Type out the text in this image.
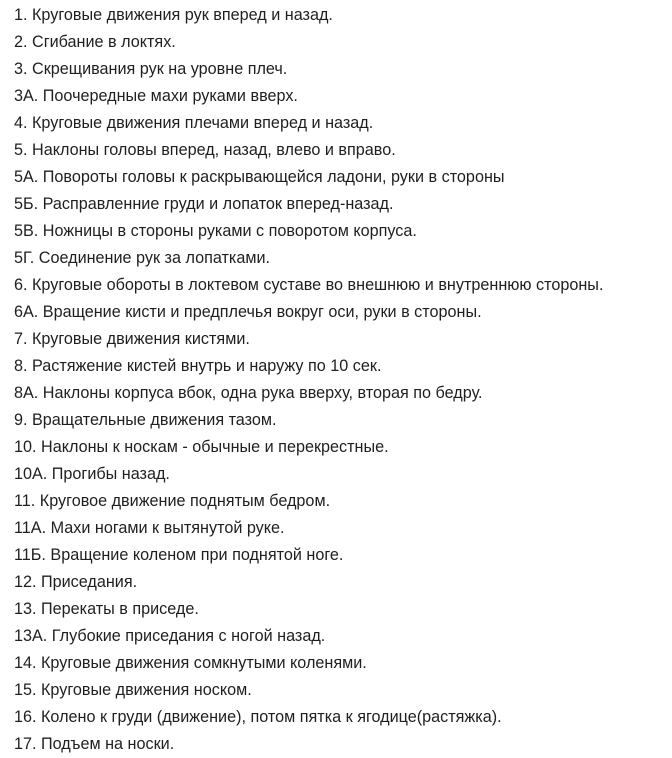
1. Круговые движения рук вперед и назад.
2. Сгибание в локтях.
3. Скрещивания рук на уровне плеч.
3А. Поочередные махи руками вверх.
4. Круговые движения плечами вперед и назад.
5. Наклоны головы вперед, назад, влево и вправо.
5А. Повороты головы к раскрывающейся ладони, руки в стороны
5Б. Расправленние груди и лопаток вперед-назад.
5В. Ножницы в стороны руками с поворотом корпуса.
5Г. Соединение рук за лопатками.
6. Круговые обороты в локтевом суставе во внешнюю и внутреннюю стороны.
6А. Вращение кисти и предплечья вокруг оси, руки в стороны.
7. Круговые движения кистями.
8. Растяжение кистей внутрь и наружу по 10 сек.
8А. Наклоны корпуса вбок, одна рука вверху, вторая по бедру.
9. Вращательные движения тазом.
10. Наклоны к носкам - обычные и перекрестные.
10А. Прогибы назад.
11. Круговое движение поднятым бедром.
11А. Махи ногами к вытянутой руке.
11Б. Вращение коленом при поднятой ноге.
12. Приседания.
13. Перекаты в приседе.
13А. Глубокие приседания с ногой назад.
14. Круговые движения сомкнутыми коленями.
15. Круговые движения носком.
16. Колено к груди (движение), потом пятка к ягодице(растяжка).
17. Подъем на носки.
